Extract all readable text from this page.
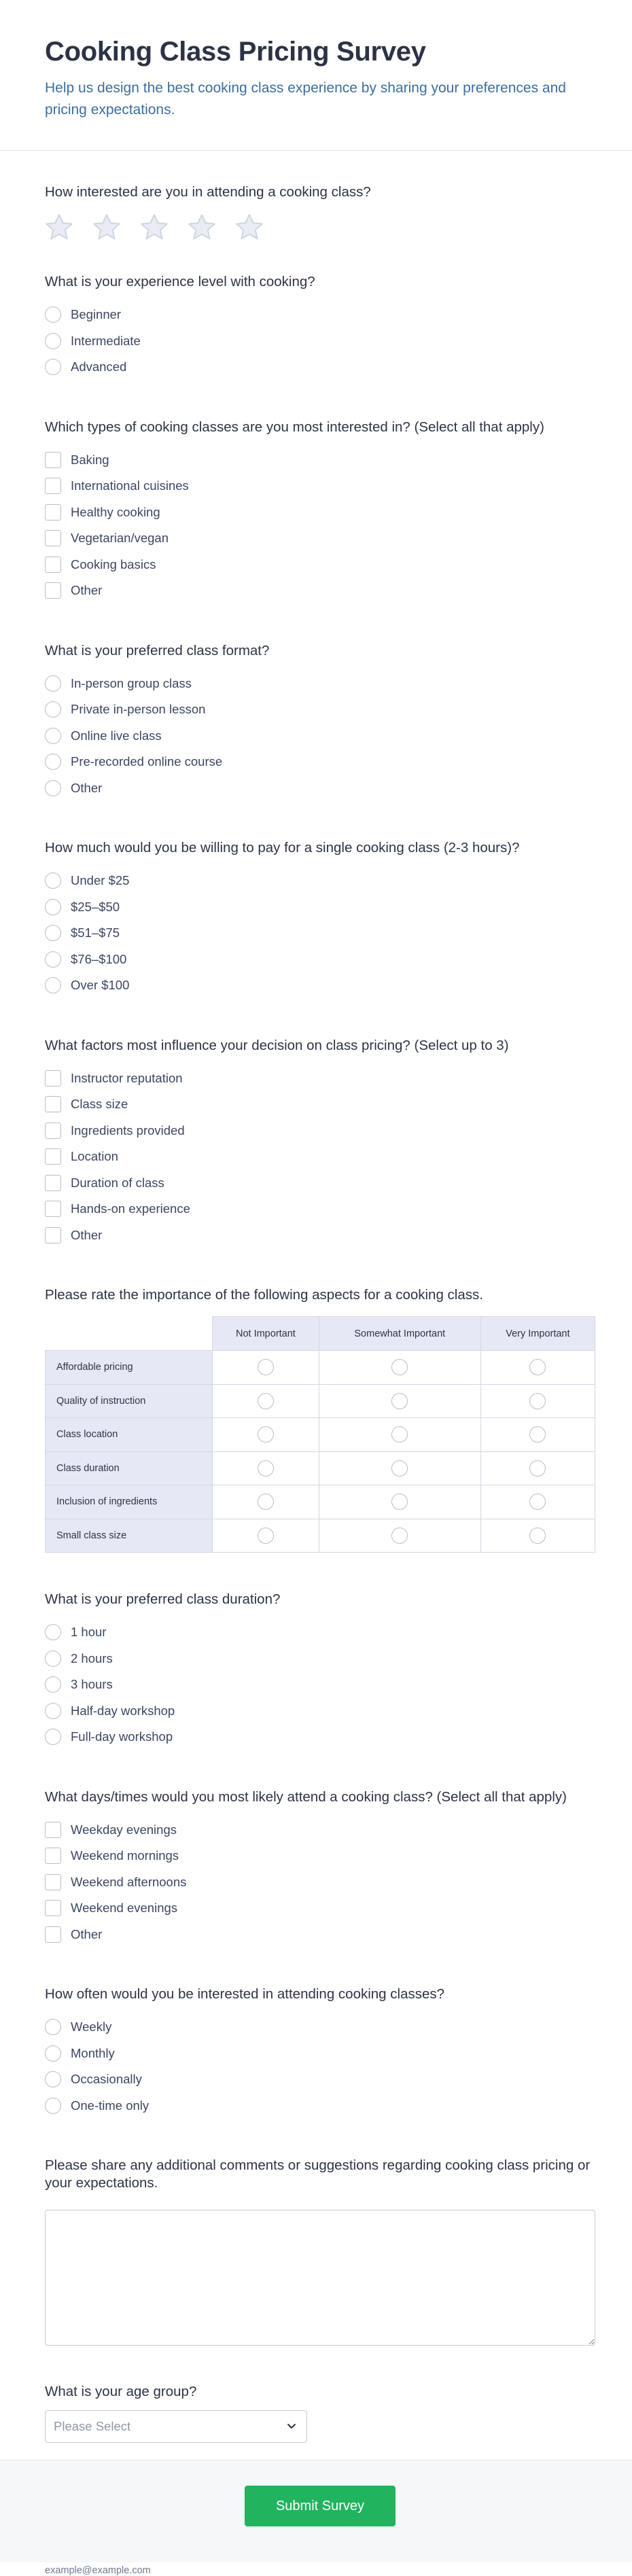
Cooking Class Pricing Survey

Help us design the best cooking class experience by sharing your preferences and pricing expectations.

How interested are you in attending a cooking class?
What is your experience level with cooking?
Beginner
Intermediate
Advanced
Which types of cooking classes are you most interested in? (Select all that apply)
Baking
International cuisines
Healthy cooking
Vegetarian/vegan
Cooking basics
Other
What is your preferred class format?
In-person group class
Private in-person lesson
Online live class
Pre-recorded online course
Other
How much would you be willing to pay for a single cooking class (2-3 hours)?
Under $25
$25–$50
$51–$75
$76–$100
Over $100
What factors most influence your decision on class pricing? (Select up to 3)
Instructor reputation
Class size
Ingredients provided
Location
Duration of class
Hands-on experience
Other
Please rate the importance of the following aspects for a cooking class.
	Not Important	Somewhat Important	Very Important
Affordable pricing			
Quality of instruction			
Class location			
Class duration			
Inclusion of ingredients			
Small class size			
What is your preferred class duration?
1 hour
2 hours
3 hours
Half-day workshop
Full-day workshop
What days/times would you most likely attend a cooking class? (Select all that apply)
Weekday evenings
Weekend mornings
Weekend afternoons
Weekend evenings
Other
How often would you be interested in attending cooking classes?
Weekly
Monthly
Occasionally
One-time only
Please share any additional comments or suggestions regarding cooking class pricing or your expectations.
What is your age group?
Please Select
example@example.com
Submit Survey
